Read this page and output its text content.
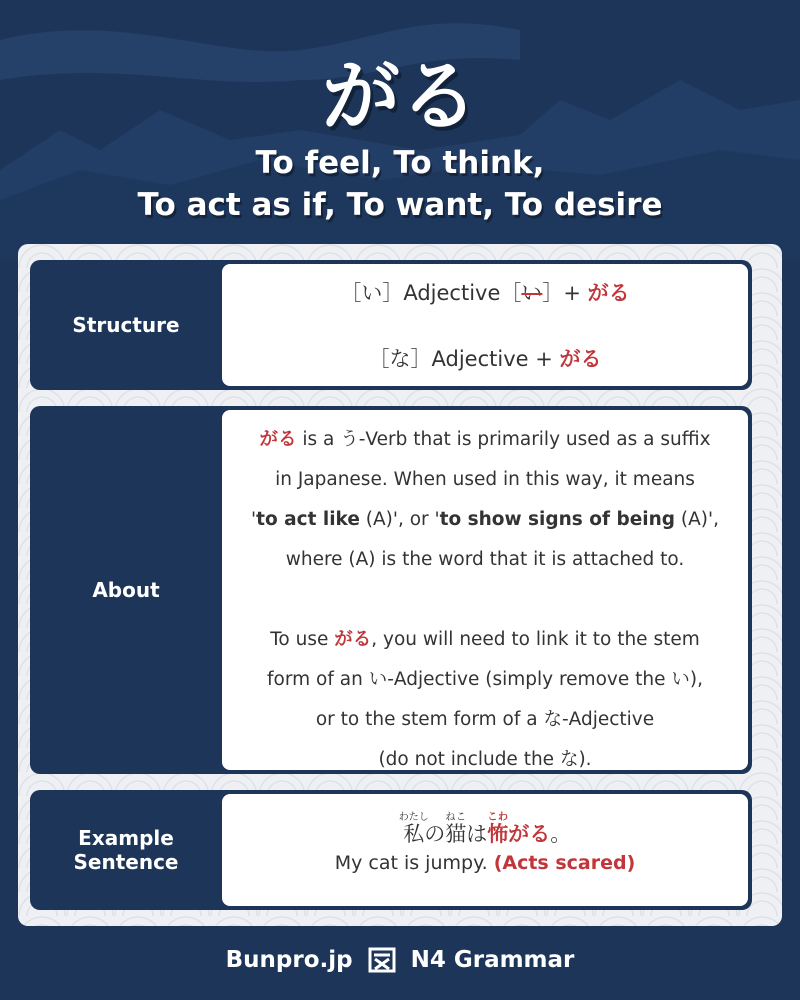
がる
To feel, To think,
To act as if, To want, To desire
Structure
［い］Adjective［い］+ がる
［な］Adjective + がる
About
がる is a う-Verb that is primarily used as a suffix
in Japanese. When used in this way, it means
'to act like (A)', or 'to show signs of being (A)',
where (A) is the word that it is attached to.
To use がる, you will need to link it to the stem
form of an い-Adjective (simply remove the い),
or to the stem form of a な-Adjective
(do not include the な).
Example
Sentence
私わたしの猫ねこは怖こわがる。
My cat is jumpy. (Acts scared)
Bunpro.jp	N4 Grammar
